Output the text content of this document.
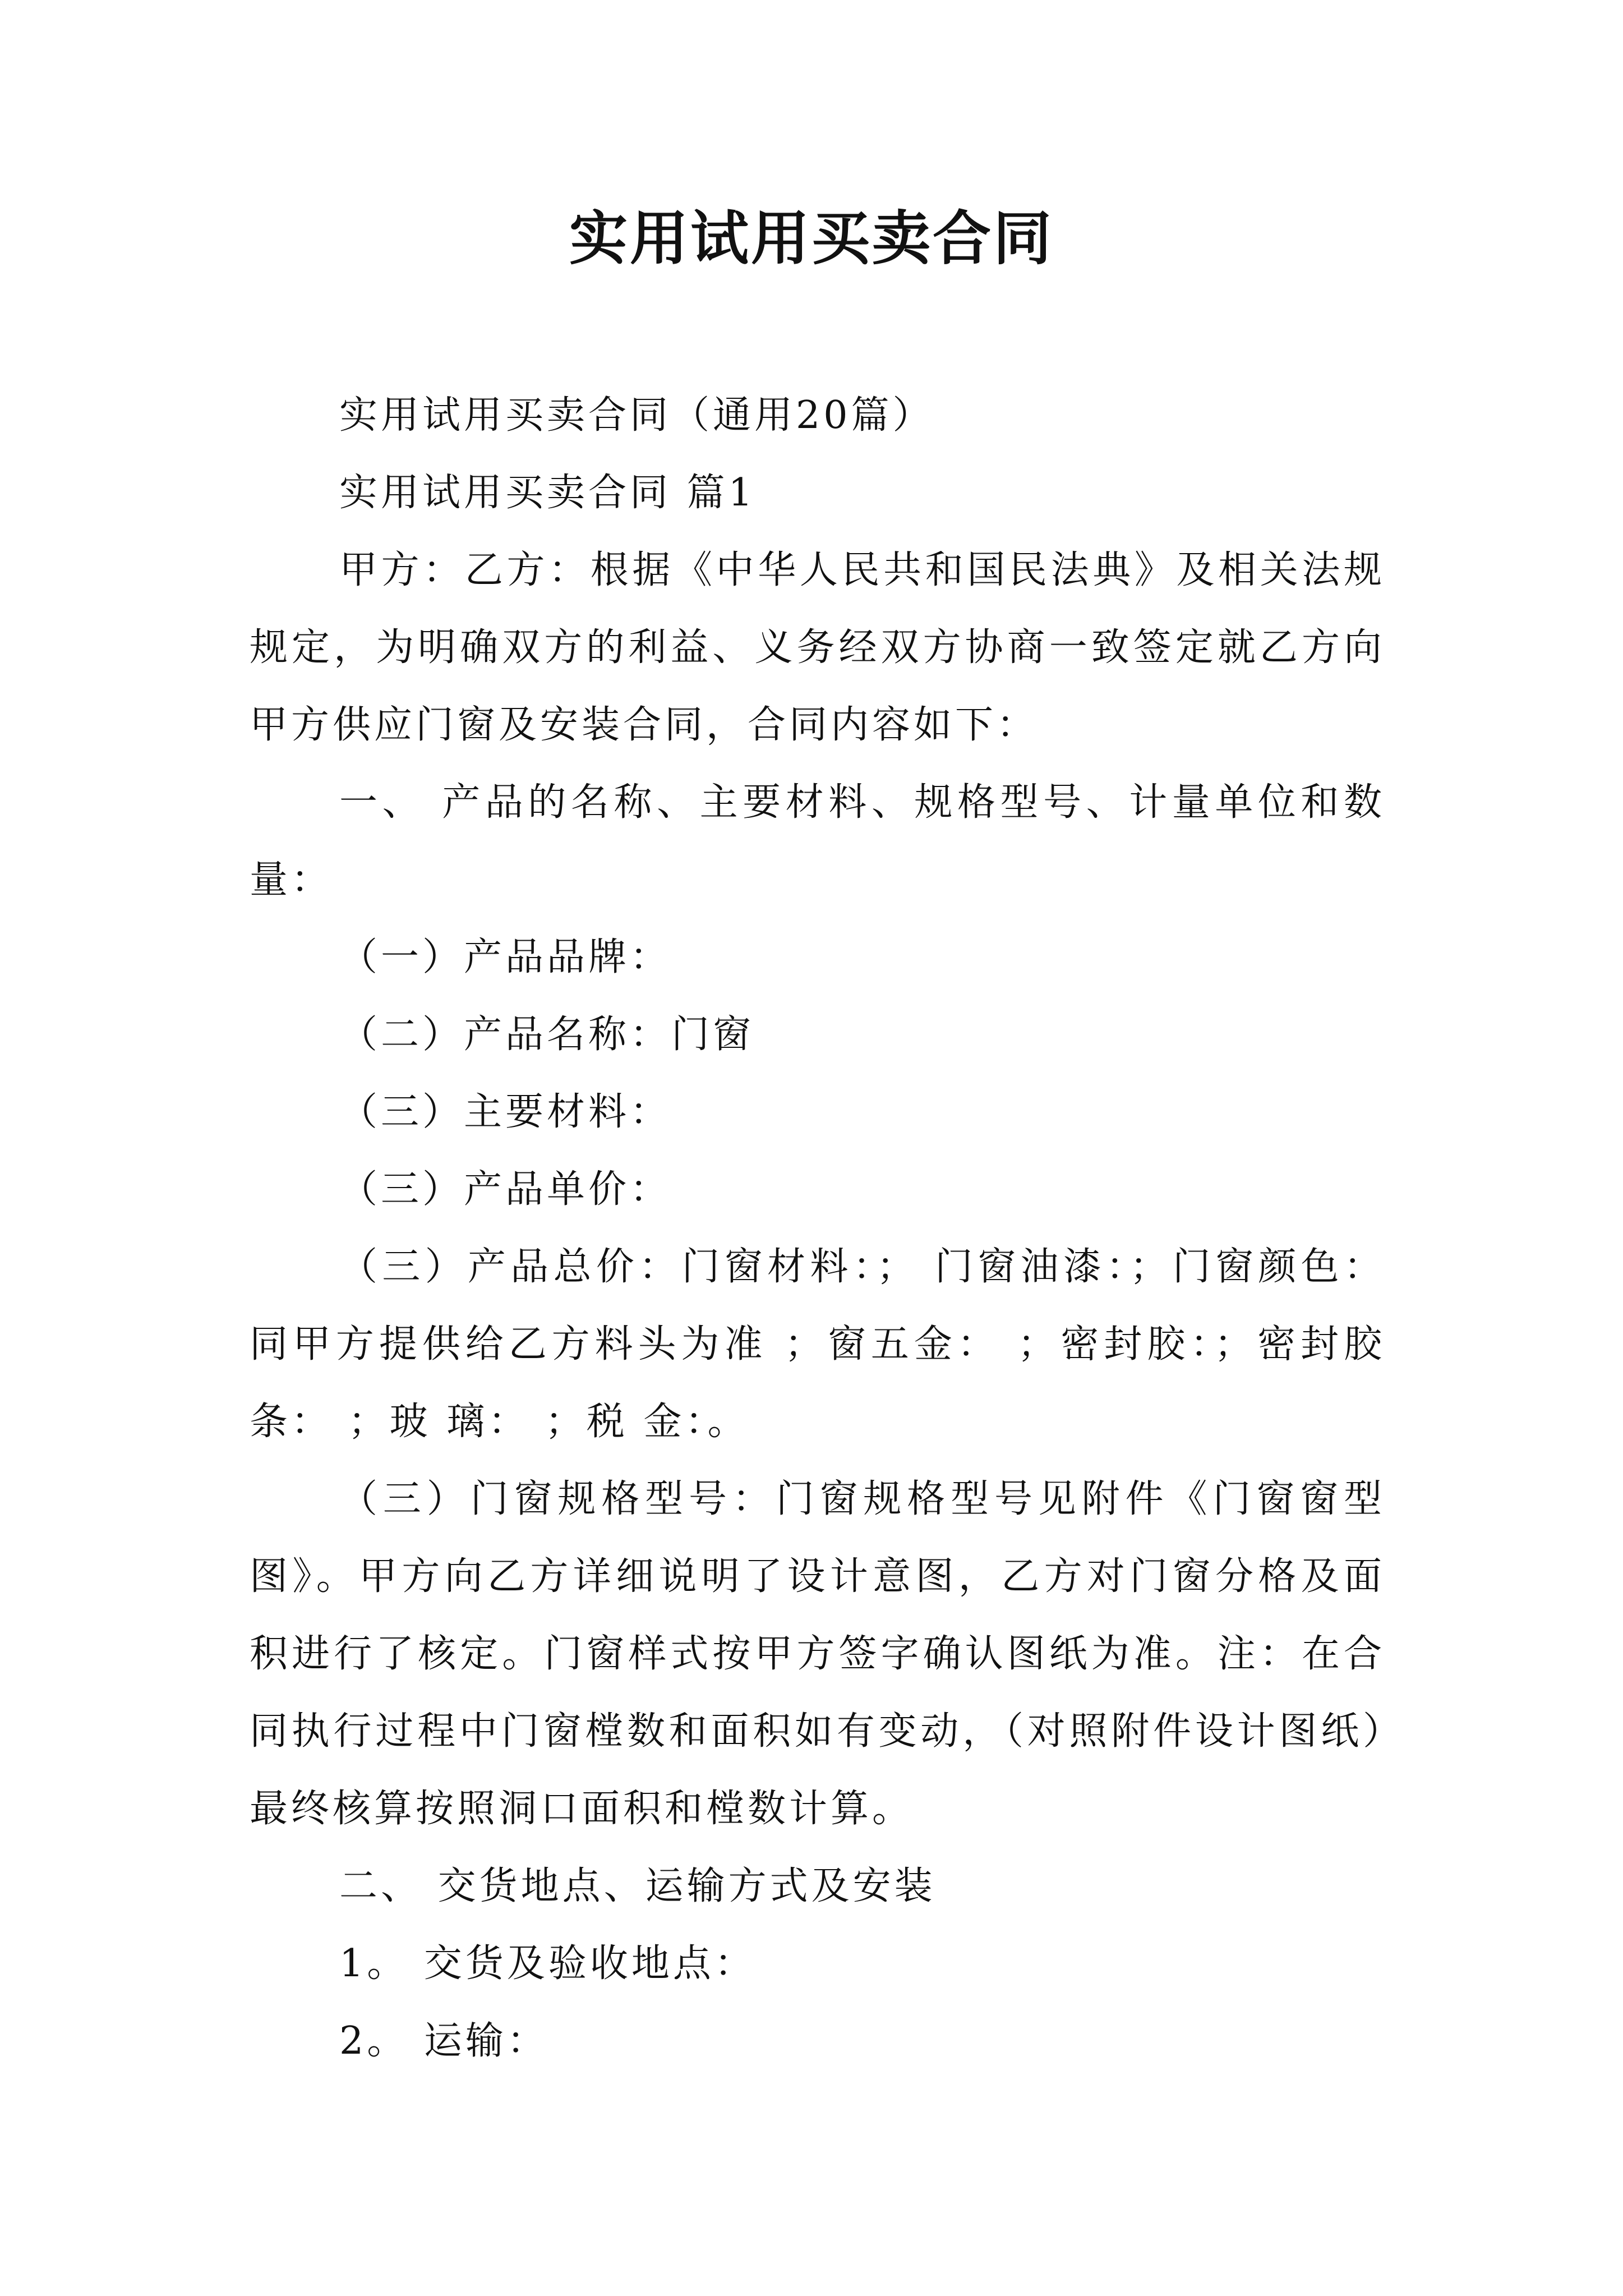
实用试用买卖合同

实用试用买卖合同（通用20篇）

实用试用买卖合同 篇1

甲方：乙方：根据《中华人民共和国民法典》及相关法规规定，为明确双方的利益、义务经双方协商一致签定就乙方向甲方供应门窗及安装合同，合同内容如下：

一、 产品的名称、主要材料、规格型号、计量单位和数量：

（一）产品品牌：

（二）产品名称：门窗

（三）主要材料：

（三）产品单价：

（三）产品总价：门窗材料：； 门窗油漆：；门窗颜色：同甲方提供给乙方料头为准 ；窗五金： ；密封胶：；密封胶条： ；玻 璃： ；税 金：。

（三）门窗规格型号：门窗规格型号见附件《门窗窗型图》。甲方向乙方详细说明了设计意图，乙方对门窗分格及面积进行了核定。门窗样式按甲方签字确认图纸为准。注：在合同执行过程中门窗樘数和面积如有变动，（对照附件设计图纸）最终核算按照洞口面积和樘数计算。

二、 交货地点、运输方式及安装

1。 交货及验收地点：

2。 运输：
